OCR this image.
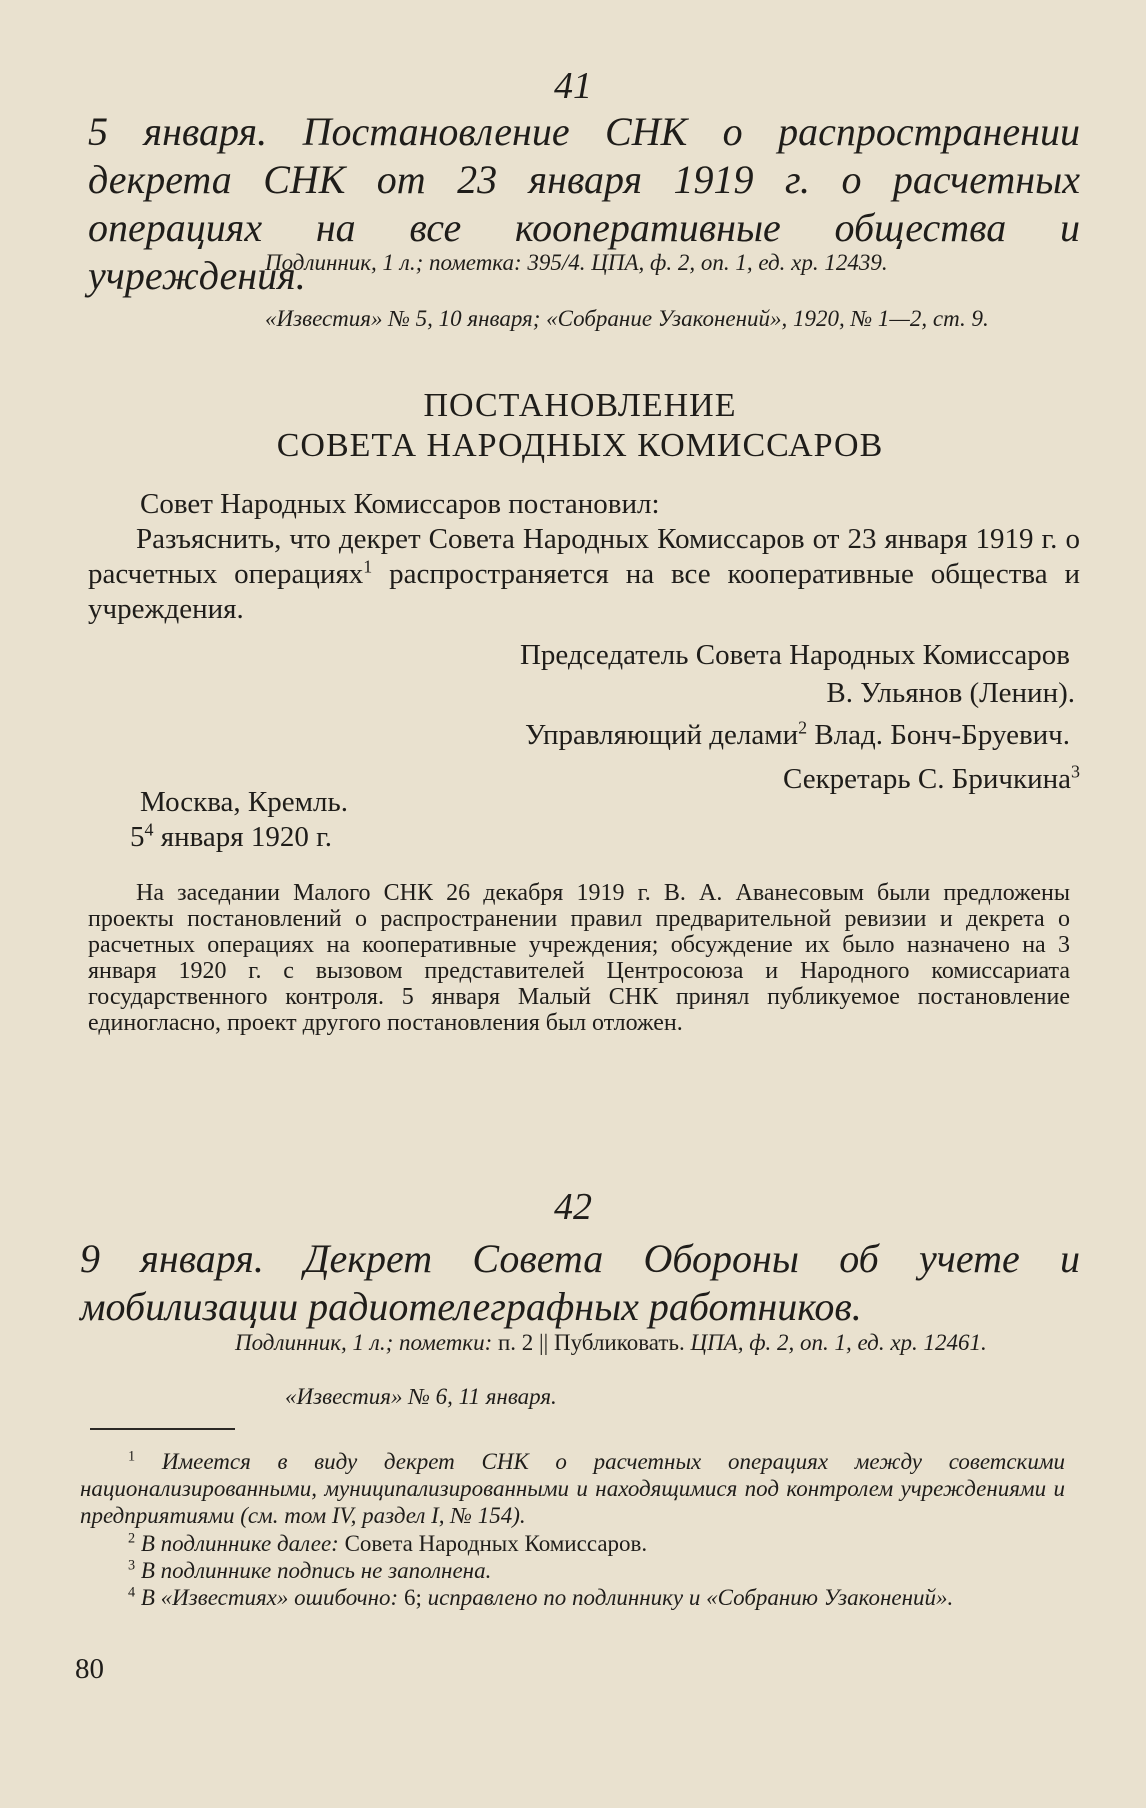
41

5 января. Постановление СНК о распространении декрета СНК от 23 января 1919 г. о расчетных операциях на все кооперативные общества и учреждения.

Подлинник, 1 л.; пометка: 395/4. ЦПА, ф. 2, оп. 1, ед. хр. 12439.
«Известия» № 5, 10 января; «Собрание Узаконений», 1920, № 1—2, ст. 9.

ПОСТАНОВЛЕНИЕ

СОВЕТА НАРОДНЫХ КОМИССАРОВ

Совет Народных Комиссаров постановил:

Разъяснить, что декрет Совета Народных Комиссаров от 23 января 1919 г. о расчетных операциях$^1$ распространяется на все кооперативные общества и учреждения.

Председатель Совета Народных Комиссаров

В. Ульянов (Ленин).

Управляющий делами$^2$ Влад. Бонч-Бруевич.

Секретарь С. Бричкина$^3$

Москва, Кремль.

$5^4$ января 1920 г.

На заседании Малого СНК 26 декабря 1919 г. В. А. Аванесовым были предложены проекты постановлений о распространении правил предварительной ревизии и декрета о расчетных операциях на кооперативные учреждения; обсуждение их было назначено на 3 января 1920 г. с вызовом представителей Центросоюза и Народного комиссариата государственного контроля. 5 января Малый СНК принял публикуемое постановление единогласно, проект другого постановления был отложен.

42

9 января. Декрет Совета Обороны об учете и мобилизации радиотелеграфных работников.

Подлинник, 1 л.; пометки: п. 2 || Публиковать. ЦПА, ф. 2, оп. 1, ед. хр. 12461.
«Известия» № 6, 11 января.

$^1$ Имеется в виду декрет СНК о расчетных операциях между советскими национализированными, муниципализированными и находящимися под контролем учреждениями и предприятиями (см. том IV, раздел I, № 154).

$^2$ В подлиннике далее: Совета Народных Комиссаров.

$^3$ В подлиннике подпись не заполнена.

$^4$ В «Известиях» ошибочно: 6; исправлено по подлиннику и «Собранию Узаконений».

80
